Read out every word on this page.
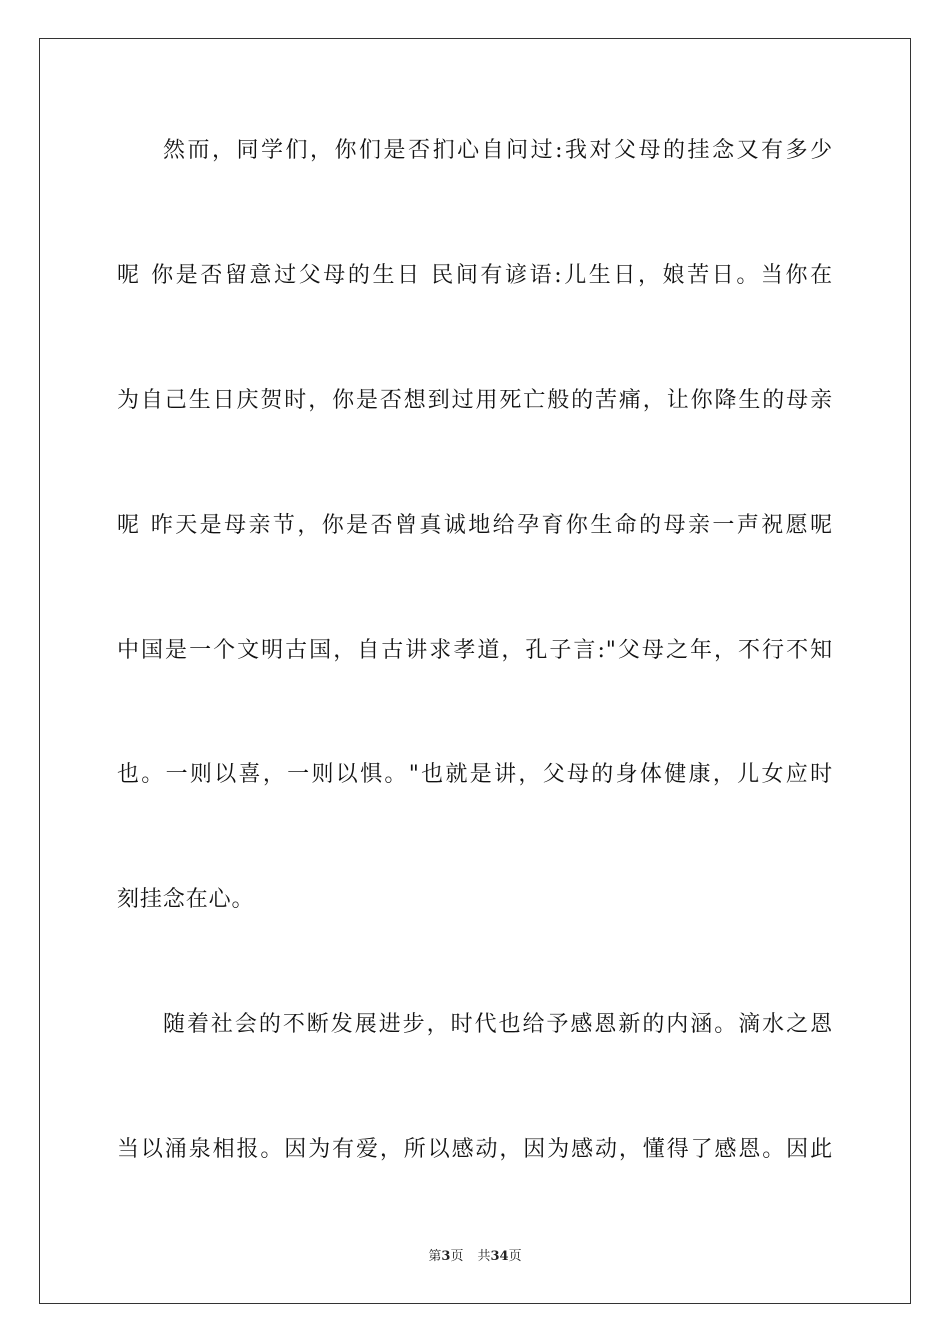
然而，同学们，你们是否扪心自问过:我对父母的挂念又有多少
呢 你是否留意过父母的生日 民间有谚语:儿生日，娘苦日。当你在
为自己生日庆贺时，你是否想到过用死亡般的苦痛，让你降生的母亲
呢 昨天是母亲节，你是否曾真诚地给孕育你生命的母亲一声祝愿呢
中国是一个文明古国，自古讲求孝道，孔子言:"父母之年，不行不知
也。一则以喜，一则以惧。"也就是讲，父母的身体健康，儿女应时
刻挂念在心。
随着社会的不断发展进步，时代也给予感恩新的内涵。滴水之恩
当以涌泉相报。因为有爱，所以感动，因为感动，懂得了感恩。因此
第3页 共34页
